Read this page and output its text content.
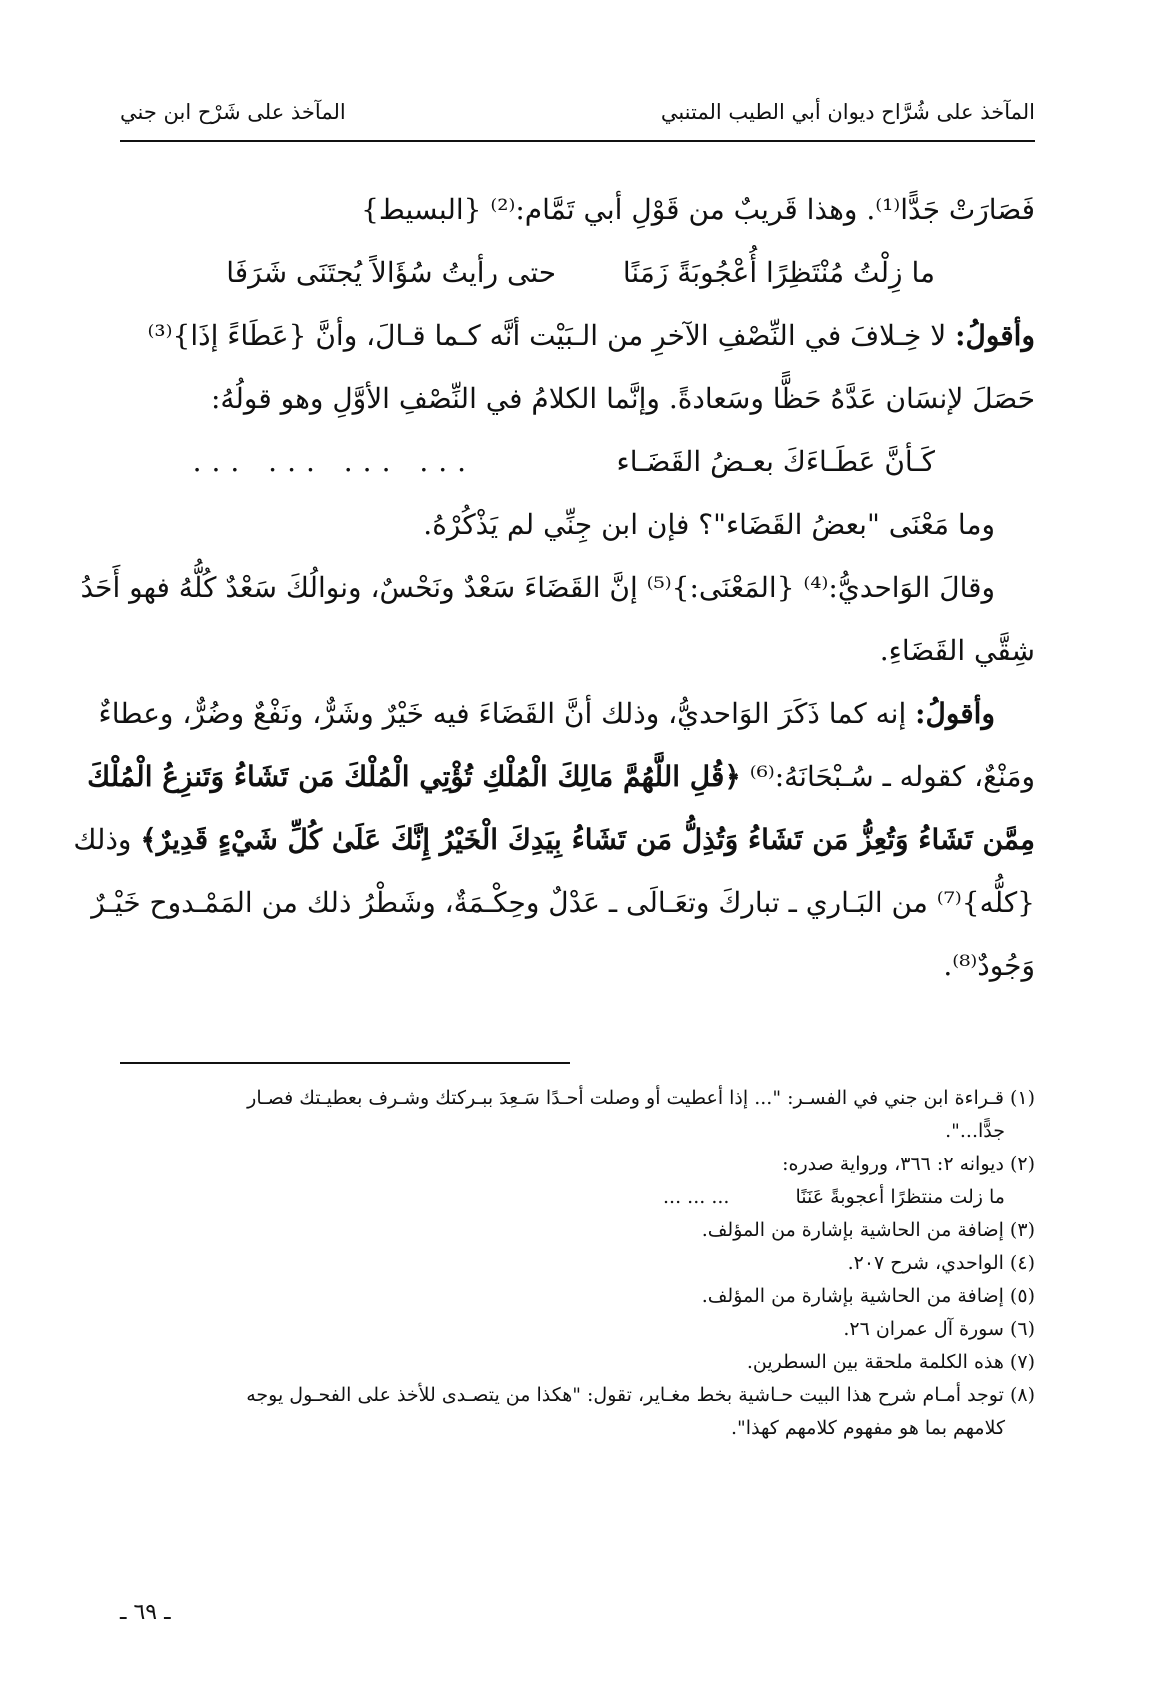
المآخذ على شُرَّاح ديوان أبي الطيب المتنبي
المآخذ على شَرْح ابن جني
فَصَارَتْ جَدًّا⁽¹⁾. وهذا قَريبٌ من قَوْلِ أبي تَمَّام:⁽²⁾ {البسيط}
ما زِلْتُ مُنْتَظِرًا أُعْجُوبَةً زَمَنًا حتى رأيتُ سُؤَالاً يُجتَنَى شَرَفَا
وأقولُ: لا خِـلافَ في النِّصْفِ الآخرِ من الـبَيْت أنَّه كـما قـالَ، وأنَّ {عَطَاءً إذَا}⁽³⁾
حَصَلَ لإنسَان عَدَّهُ حَظًّا وسَعادةً. وإنَّما الكلامُ في النِّصْفِ الأوَّلِ وهو قولُهُ:
كَـأنَّ عَطَـاءَكَ بعـضُ القَضَـاء ... ... ... ...
وما مَعْنَى "بعضُ القَضَاء"؟ فإن ابن جِنِّي لم يَذْكُرْهُ.
وقالَ الوَاحديُّ:⁽⁴⁾ {المَعْنَى:}⁽⁵⁾ إنَّ القَضَاءَ سَعْدٌ ونَحْسٌ، ونوالُكَ سَعْدٌ كُلُّهُ فهو أَحَدُ
شِقَّي القَضَاءِ.
وأقولُ: إنه كما ذَكَرَ الوَاحديُّ، وذلك أنَّ القَضَاءَ فيه خَيْرٌ وشَرٌّ، ونَفْعٌ وضُرٌّ، وعطاءٌ
ومَنْعٌ، كقوله ـ سُـبْحَانَهُ:⁽⁶⁾ ﴿قُلِ اللَّهُمَّ مَالِكَ الْمُلْكِ تُؤْتِي الْمُلْكَ مَن تَشَاءُ وَتَنزِعُ الْمُلْكَ
مِمَّن تَشَاءُ وَتُعِزُّ مَن تَشَاءُ وَتُذِلُّ مَن تَشَاءُ بِيَدِكَ الْخَيْرُ إِنَّكَ عَلَىٰ كُلِّ شَيْءٍ قَدِيرٌ﴾ وذلك
{كلُّه}⁽⁷⁾ من البَـاري ـ تباركَ وتعَـالَى ـ عَدْلٌ وحِكْـمَةٌ، وشَطْرُ ذلك من المَمْـدوح خَيْـرٌ
وَجُودٌ⁽⁸⁾.
(١) قـراءة ابن جني في الفسـر: "... إذا أعطيت أو وصلت أحـدًا سَـعِدَ ببـركتك وشـرف بعطيـتك فصـار
جدًّا...".
(٢) ديوانه ٢: ٣٦٦، ورواية صدره:
ما زلت منتظرًا أعجوبةً عَنَنًا ... ... ...
(٣) إضافة من الحاشية بإشارة من المؤلف.
(٤) الواحدي، شرح ٢٠٧.
(٥) إضافة من الحاشية بإشارة من المؤلف.
(٦) سورة آل عمران ٢٦.
(٧) هذه الكلمة ملحقة بين السطرين.
(٨) توجد أمـام شرح هذا البيت حـاشية بخط مغـاير، تقول: "هكذا من يتصـدى للأخذ على الفحـول يوجه
كلامهم بما هو مفهوم كلامهم كهذا".
ـ ٦٩ ـ
